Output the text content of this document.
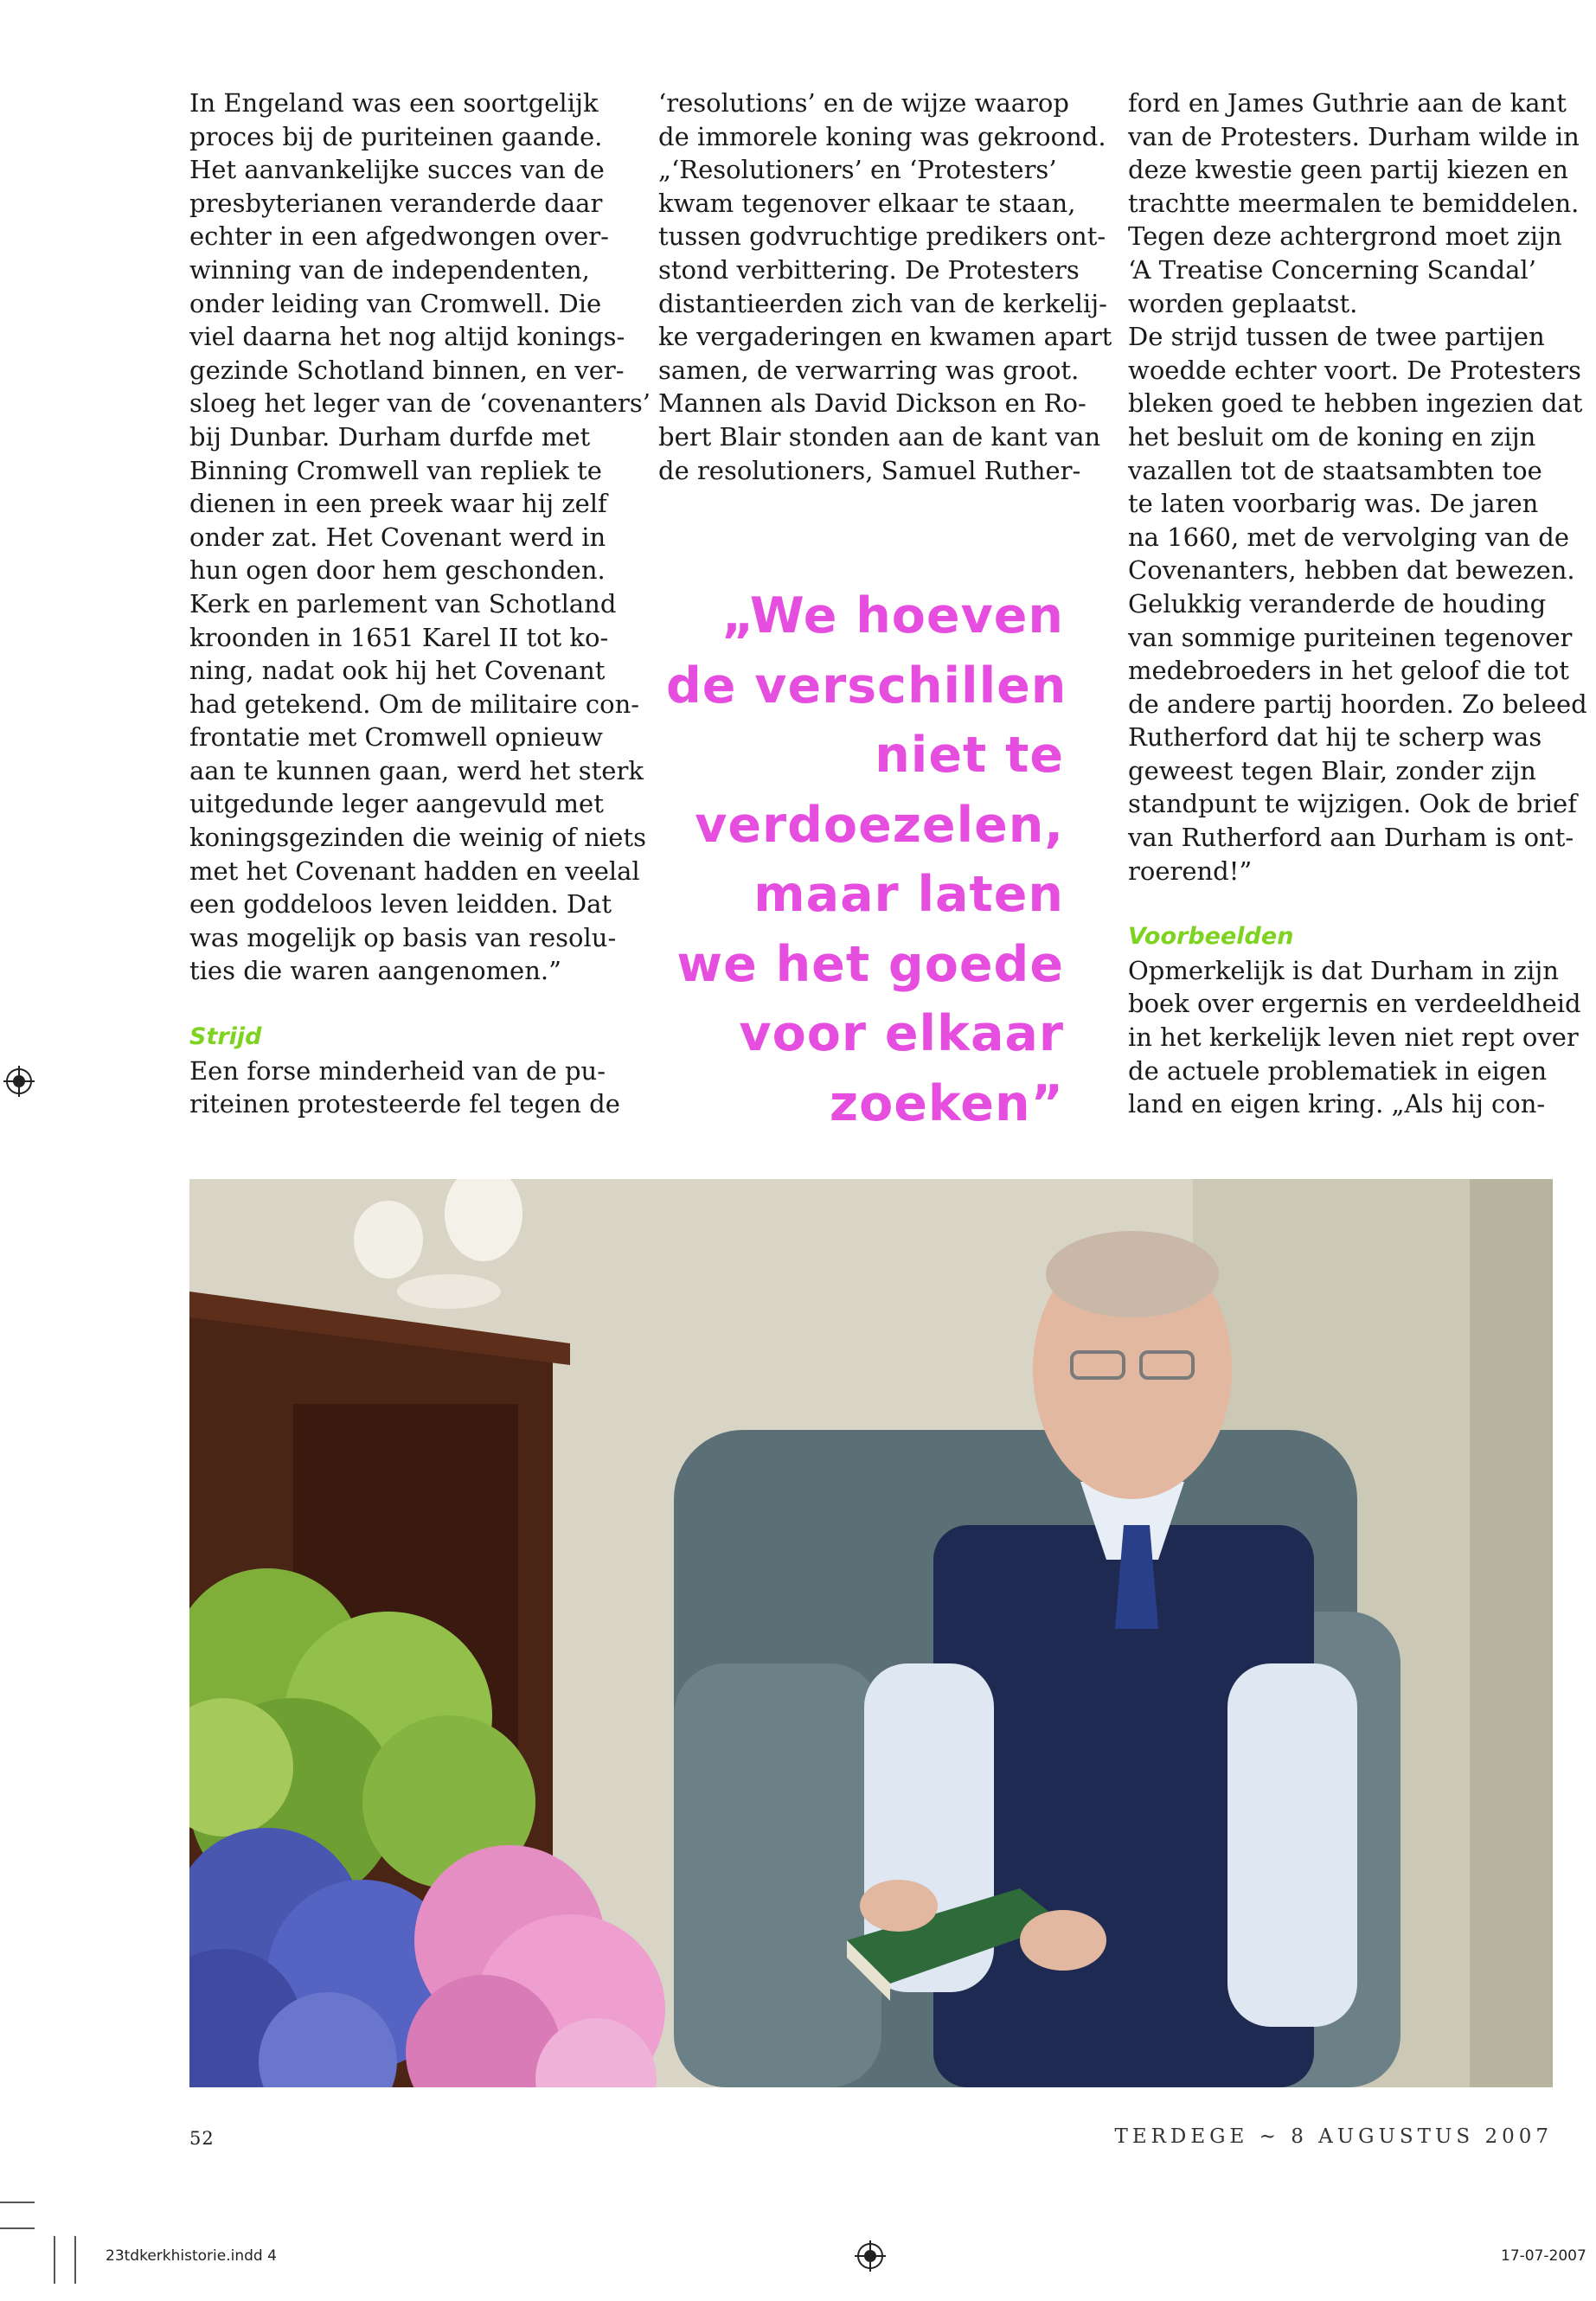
In Engeland was een soortgelijk
proces bij de puriteinen gaande.
Het aanvankelijke succes van de
presbyterianen veranderde daar
echter in een afgedwongen over-
winning van de independenten,
onder leiding van Cromwell. Die
viel daarna het nog altijd konings-
gezinde Schotland binnen, en ver-
sloeg het leger van de ‘covenanters’
bij Dunbar. Durham durfde met
Binning Cromwell van repliek te
dienen in een preek waar hij zelf
onder zat. Het Covenant werd in
hun ogen door hem geschonden.
Kerk en parlement van Schotland
kroonden in 1651 Karel II tot ko-
ning, nadat ook hij het Covenant
had getekend. Om de militaire con-
frontatie met Cromwell opnieuw
aan te kunnen gaan, werd het sterk
uitgedunde leger aangevuld met
koningsgezinden die weinig of niets
met het Covenant hadden en veelal
een goddeloos leven leidden. Dat
was mogelijk op basis van resolu-
ties die waren aangenomen.”
Strijd
Een forse minderheid van de pu-
riteinen protesteerde fel tegen de
‘resolutions’ en de wijze waarop
de immorele koning was gekroond.
„‘Resolutioners’ en ‘Protesters’
kwam tegenover elkaar te staan,
tussen godvruchtige predikers ont-
stond verbittering. De Protesters
distantieerden zich van de kerkelij-
ke vergaderingen en kwamen apart
samen, de verwarring was groot.
Mannen als David Dickson en Ro-
bert Blair stonden aan de kant van
de resolutioners, Samuel Ruther-
„We hoeven
de verschillen
niet te
verdoezelen,
maar laten
we het goede
voor elkaar
zoeken”
ford en James Guthrie aan de kant
van de Protesters. Durham wilde in
deze kwestie geen partij kiezen en
trachtte meermalen te bemiddelen.
Tegen deze achtergrond moet zijn
‘A Treatise Concerning Scandal’
worden geplaatst.
De strijd tussen de twee partijen
woedde echter voort. De Protesters
bleken goed te hebben ingezien dat
het besluit om de koning en zijn
vazallen tot de staatsambten toe
te laten voorbarig was. De jaren
na 1660, met de vervolging van de
Covenanters, hebben dat bewezen.
Gelukkig veranderde de houding
van sommige puriteinen tegenover
medebroeders in het geloof die tot
de andere partij hoorden. Zo beleed
Rutherford dat hij te scherp was
geweest tegen Blair, zonder zijn
standpunt te wijzigen. Ook de brief
van Rutherford aan Durham is ont-
roerend!”
Voorbeelden
Opmerkelijk is dat Durham in zijn
boek over ergernis en verdeeldheid
in het kerkelijk leven niet rept over
de actuele problematiek in eigen
land en eigen kring. „Als hij con-
52	TERDEGE ~ 8 AUGUSTUS 2007
23tdkerkhistorie.indd 4	17-07-2007
